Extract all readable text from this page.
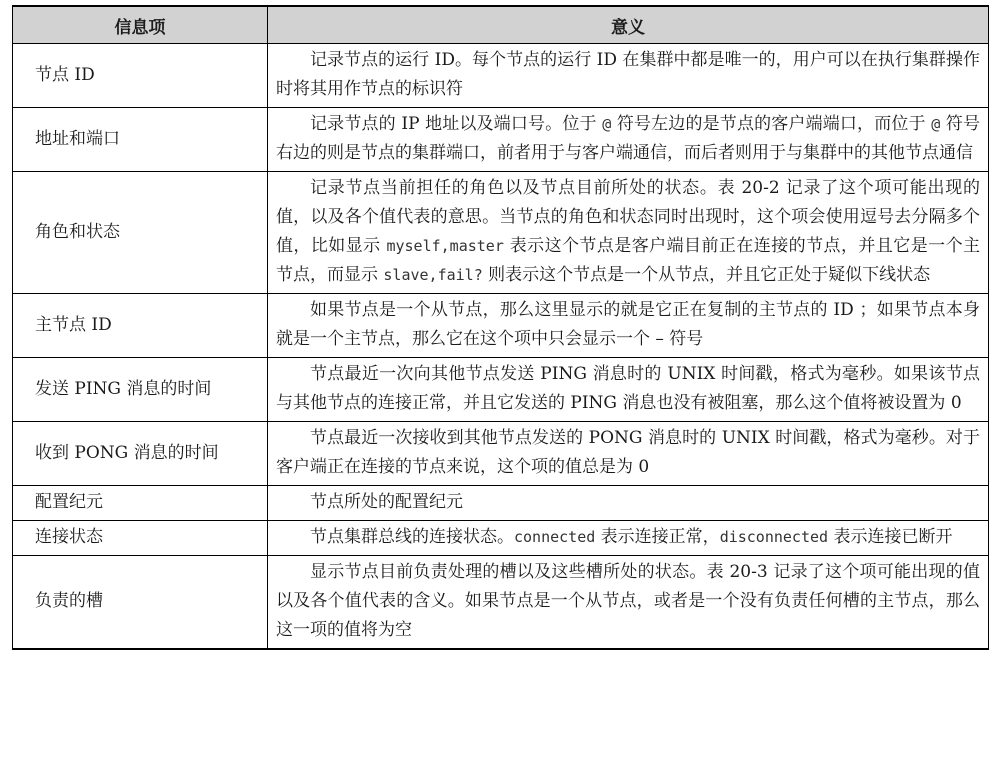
信息项	意义
节点 ID	记录节点的运行 ID。每个节点的运行 ID 在集群中都是唯一的，用户可以在执行集群操作时将其用作节点的标识符
地址和端口	记录节点的 IP 地址以及端口号。位于 @ 符号左边的是节点的客户端端口，而位于 @ 符号右边的则是节点的集群端口，前者用于与客户端通信，而后者则用于与集群中的其他节点通信
角色和状态	记录节点当前担任的角色以及节点目前所处的状态。表 20-2 记录了这个项可能出现的值，以及各个值代表的意思。当节点的角色和状态同时出现时，这个项会使用逗号去分隔多个值，比如显示 myself,master 表示这个节点是客户端目前正在连接的节点，并且它是一个主节点，而显示 slave,fail? 则表示这个节点是一个从节点，并且它正处于疑似下线状态
主节点 ID	如果节点是一个从节点，那么这里显示的就是它正在复制的主节点的 ID ；如果节点本身就是一个主节点，那么它在这个项中只会显示一个 – 符号
发送 PING 消息的时间	节点最近一次向其他节点发送 PING 消息时的 UNIX 时间戳，格式为毫秒。如果该节点与其他节点的连接正常，并且它发送的 PING 消息也没有被阻塞，那么这个值将被设置为 0
收到 PONG 消息的时间	节点最近一次接收到其他节点发送的 PONG 消息时的 UNIX 时间戳，格式为毫秒。对于客户端正在连接的节点来说，这个项的值总是为 0
配置纪元	节点所处的配置纪元
连接状态	节点集群总线的连接状态。connected 表示连接正常，disconnected 表示连接已断开
负责的槽	显示节点目前负责处理的槽以及这些槽所处的状态。表 20-3 记录了这个项可能出现的值以及各个值代表的含义。如果节点是一个从节点，或者是一个没有负责任何槽的主节点，那么这一项的值将为空
